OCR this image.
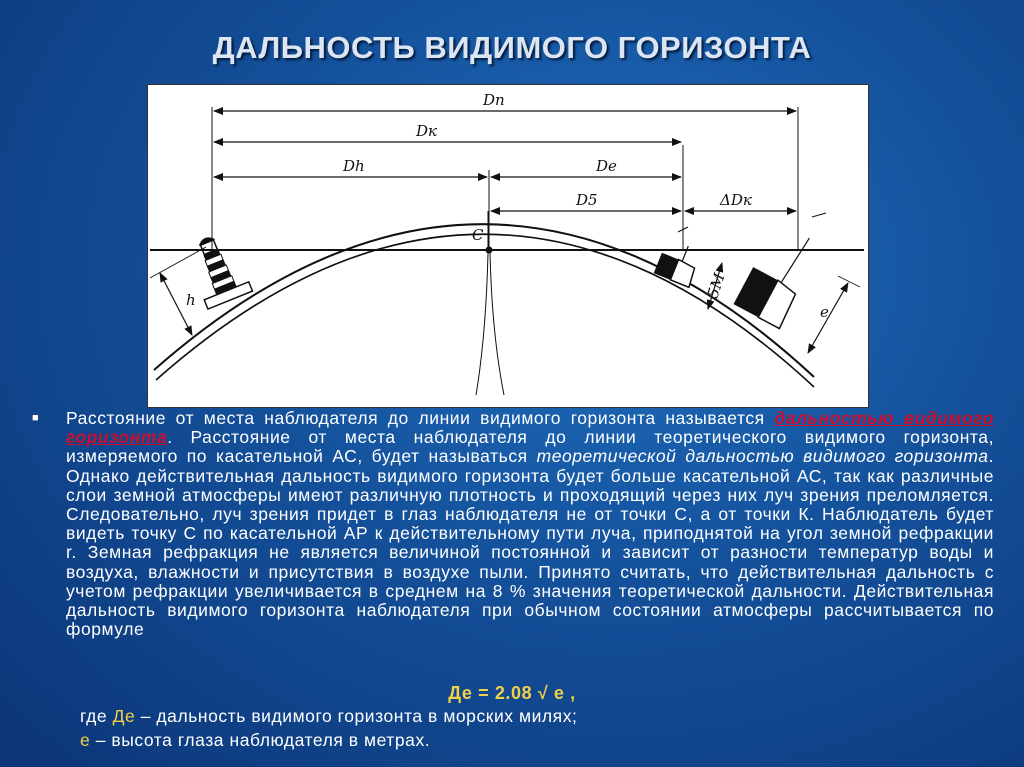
ДАЛЬНОСТЬ ВИДИМОГО ГОРИЗОНТА
Dп
Dк
Dh	Dе
D5	ΔDк
C
h	5М
e
■ Расстояние от места наблюдателя до линии видимого горизонта называется дальностью видимого горизонта. Расстояние от места наблюдателя до линии теоретического видимого горизонта, измеряемого по касательной АС, будет называться теоретической дальностью видимого горизонта. Однако действительная дальность видимого горизонта будет больше касательной АС, так как различные слои земной атмосферы имеют различную плотность и проходящий через них луч зрения преломляется. Следовательно, луч зрения придет в глаз наблюдателя не от точки С, а от точки К. Наблюдатель будет видеть точку С по касательной АР к действительному пути луча, приподнятой на угол земной рефракции r. Земная рефракция не является величиной постоянной и зависит от разности температур воды и воздуха, влажности и присутствия в воздухе пыли. Принято считать, что действительная дальность с учетом рефракции увеличивается в среднем на 8 % значения теоретической дальности. Действительная дальность видимого горизонта наблюдателя при обычном состоянии атмосферы рассчитывается по формуле
Де = 2.08 √ е ,
где Де – дальность видимого горизонта в морских милях;
е – высота глаза наблюдателя в метрах.
